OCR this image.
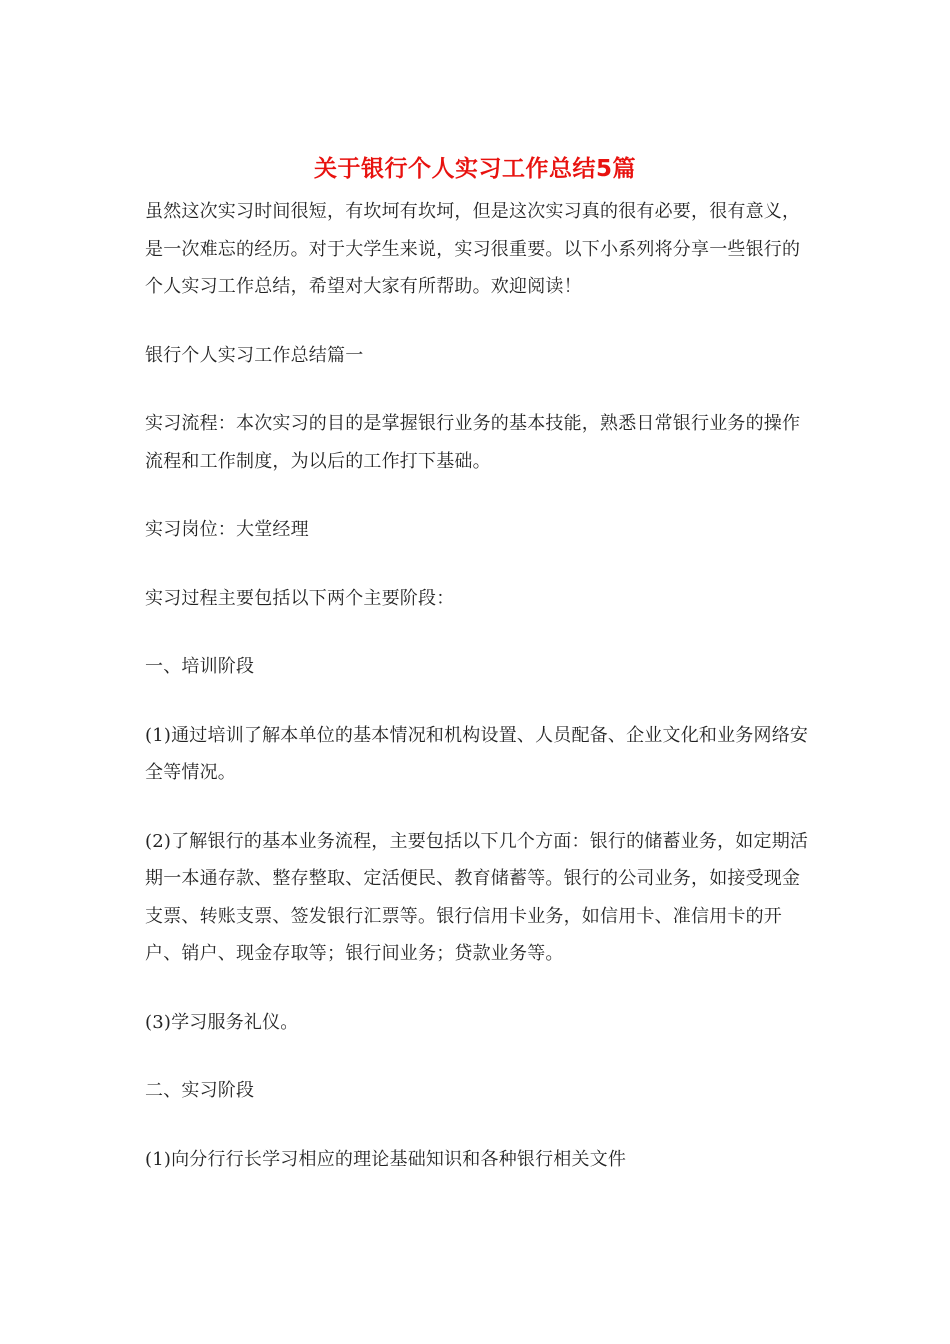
关于银行个人实习工作总结5篇

虽然这次实习时间很短，有坎坷有坎坷，但是这次实习真的很有必要，很有意义，是一次难忘的经历。对于大学生来说，实习很重要。以下小系列将分享一些银行的个人实习工作总结，希望对大家有所帮助。欢迎阅读！

银行个人实习工作总结篇一

实习流程：本次实习的目的是掌握银行业务的基本技能，熟悉日常银行业务的操作流程和工作制度，为以后的工作打下基础。

实习岗位：大堂经理

实习过程主要包括以下两个主要阶段：

一、培训阶段

(1)通过培训了解本单位的基本情况和机构设置、人员配备、企业文化和业务网络安全等情况。

(2)了解银行的基本业务流程，主要包括以下几个方面：银行的储蓄业务，如定期活期一本通存款、整存整取、定活便民、教育储蓄等。银行的公司业务，如接受现金支票、转账支票、签发银行汇票等。银行信用卡业务，如信用卡、准信用卡的开户、销户、现金存取等；银行间业务；贷款业务等。

(3)学习服务礼仪。

二、实习阶段

(1)向分行行长学习相应的理论基础知识和各种银行相关文件
